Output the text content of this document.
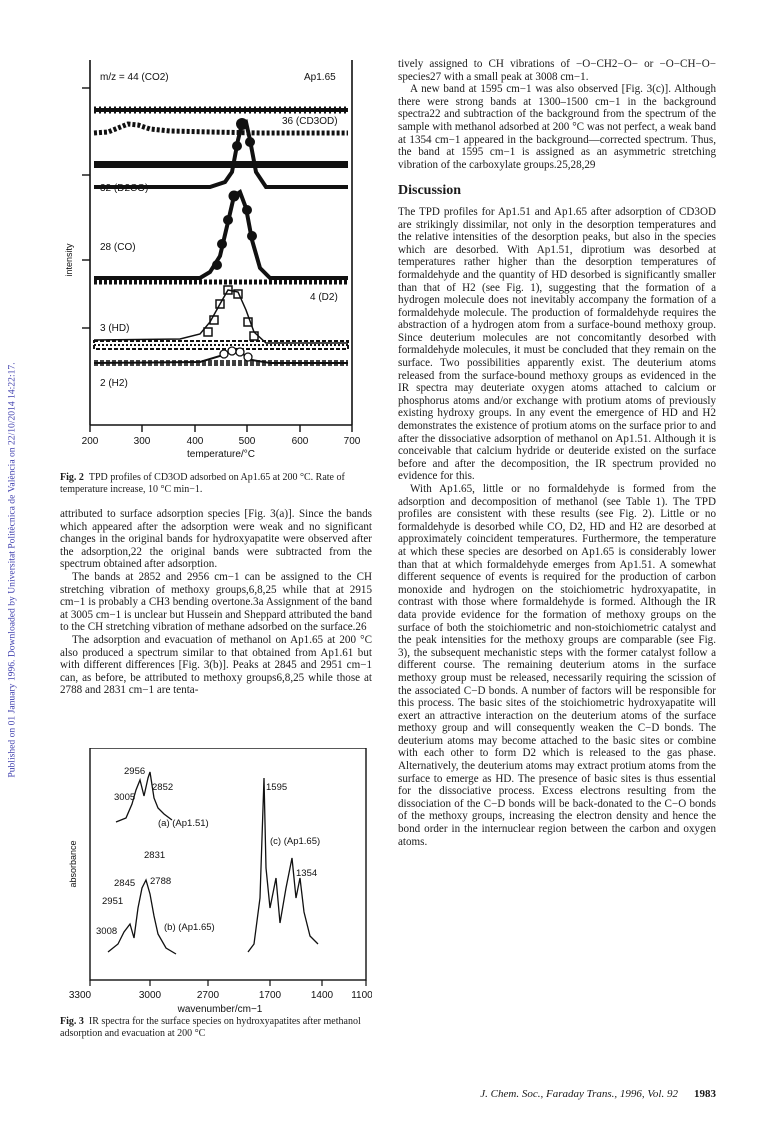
Published on 01 January 1996. Downloaded by Universitat Politècnica de València on 22/10/2014 14:22:17.
m/z = 44 (CO2)	Ap1.65
36 (CD3OD)
32 (D2CO)
28 (CO)
4 (D2)
3 (HD)
2 (H2)
intensity
200	300	400	500	600	700
temperature/°C
Fig. 2 TPD profiles of CD3OD adsorbed on Ap1.65 at 200 °C. Rate of temperature increase, 10 °C min−1.

attributed to surface adsorption species [Fig. 3(a)]. Since the bands which appeared after the adsorption were weak and no significant changes in the original bands for hydroxyapatite were observed after the adsorption,22 the original bands were subtracted from the spectrum obtained after adsorption.

The bands at 2852 and 2956 cm−1 can be assigned to the CH stretching vibration of methoxy groups,6,8,25 while that at 2915 cm−1 is probably a CH3 bending overtone.3a Assignment of the band at 3005 cm−1 is unclear but Hussein and Sheppard attributed the band to the CH stretching vibration of methane adsorbed on the surface.26

The adsorption and evacuation of methanol on Ap1.65 at 200 °C also produced a spectrum similar to that obtained from Ap1.61 but with different differences [Fig. 3(b)]. Peaks at 2845 and 2951 cm−1 can, as before, be attributed to methoxy groups6,8,25 while those at 2788 and 2831 cm−1 are tenta-

2956
2852
3005
(a) (Ap1.51)
1595
(c) (Ap1.65)
2831
1354
2845 2788
2951
3008	(b) (Ap1.65)
absorbance
3300	3000	2700	1700	1400 1100
wavenumber/cm−1
Fig. 3 IR spectra for the surface species on hydroxyapatites after methanol adsorption and evacuation at 200 °C

tively assigned to CH vibrations of −O−CH2−O− or −O−CH−O− species27 with a small peak at 3008 cm−1.

A new band at 1595 cm−1 was also observed [Fig. 3(c)]. Although there were strong bands at 1300–1500 cm−1 in the background spectra22 and subtraction of the background from the spectrum of the sample with methanol adsorbed at 200 °C was not perfect, a weak band at 1354 cm−1 appeared in the background—corrected spectrum. Thus, the band at 1595 cm−1 is assigned as an asymmetric stretching vibration of the carboxylate groups.25,28,29

Discussion

The TPD profiles for Ap1.51 and Ap1.65 after adsorption of CD3OD are strikingly dissimilar, not only in the desorption temperatures and the relative intensities of the desorption peaks, but also in the species which are desorbed. With Ap1.51, diprotium was desorbed at temperatures rather higher than the desorption temperatures of formaldehyde and the quantity of HD desorbed is significantly smaller than that of H2 (see Fig. 1), suggesting that the formation of a hydrogen molecule does not inevitably accompany the formation of a formaldehyde molecule. The production of formaldehyde requires the abstraction of a hydrogen atom from a surface-bound methoxy group. Since deuterium molecules are not concomitantly desorbed with formaldehyde molecules, it must be concluded that they remain on the surface. Two possibilities apparently exist. The deuterium atoms released from the surface-bound methoxy groups as evidenced in the IR spectra may deuteriate oxygen atoms attached to calcium or phosphorus atoms and/or exchange with protium atoms of previously existing hydroxy groups. In any event the emergence of HD and H2 demonstrates the existence of protium atoms on the surface prior to and after the dissociative adsorption of methanol on Ap1.51. Although it is conceivable that calcium hydride or deuteride existed on the surface before and after the decomposition, the IR spectrum provided no evidence for this.

With Ap1.65, little or no formaldehyde is formed from the adsorption and decomposition of methanol (see Table 1). The TPD profiles are consistent with these results (see Fig. 2). Little or no formaldehyde is desorbed while CO, D2, HD and H2 are desorbed at approximately coincident temperatures. Furthermore, the temperature at which these species are desorbed on Ap1.65 is considerably lower than that at which formaldehyde emerges from Ap1.51. A somewhat different sequence of events is required for the production of carbon monoxide and hydrogen on the stoichiometric hydroxyapatite, in contrast with those where formaldehyde is formed. Although the IR data provide evidence for the formation of methoxy groups on the surface of both the stoichiometric and non-stoichiometric catalyst and the peak intensities for the methoxy groups are comparable (see Fig. 3), the subsequent mechanistic steps with the former catalyst follow a different course. The remaining deuterium atoms in the surface methoxy group must be released, necessarily requiring the scission of the associated C−D bonds. A number of factors will be responsible for this process. The basic sites of the stoichiometric hydroxyapatite will exert an attractive interaction on the deuterium atoms of the surface methoxy group and will consequently weaken the C−D bonds. The deuterium atoms may become attached to the basic sites or combine with each other to form D2 which is released to the gas phase. Alternatively, the deuterium atoms may extract protium atoms from the surface to emerge as HD. The presence of basic sites is thus essential for the dissociative process. Excess electrons resulting from the dissociation of the C−D bonds will be back-donated to the C−O bonds of the methoxy groups, increasing the electron density and hence the bond order in the internuclear region between the carbon and oxygen atoms.

J. Chem. Soc., Faraday Trans., 1996, Vol. 92 1983
